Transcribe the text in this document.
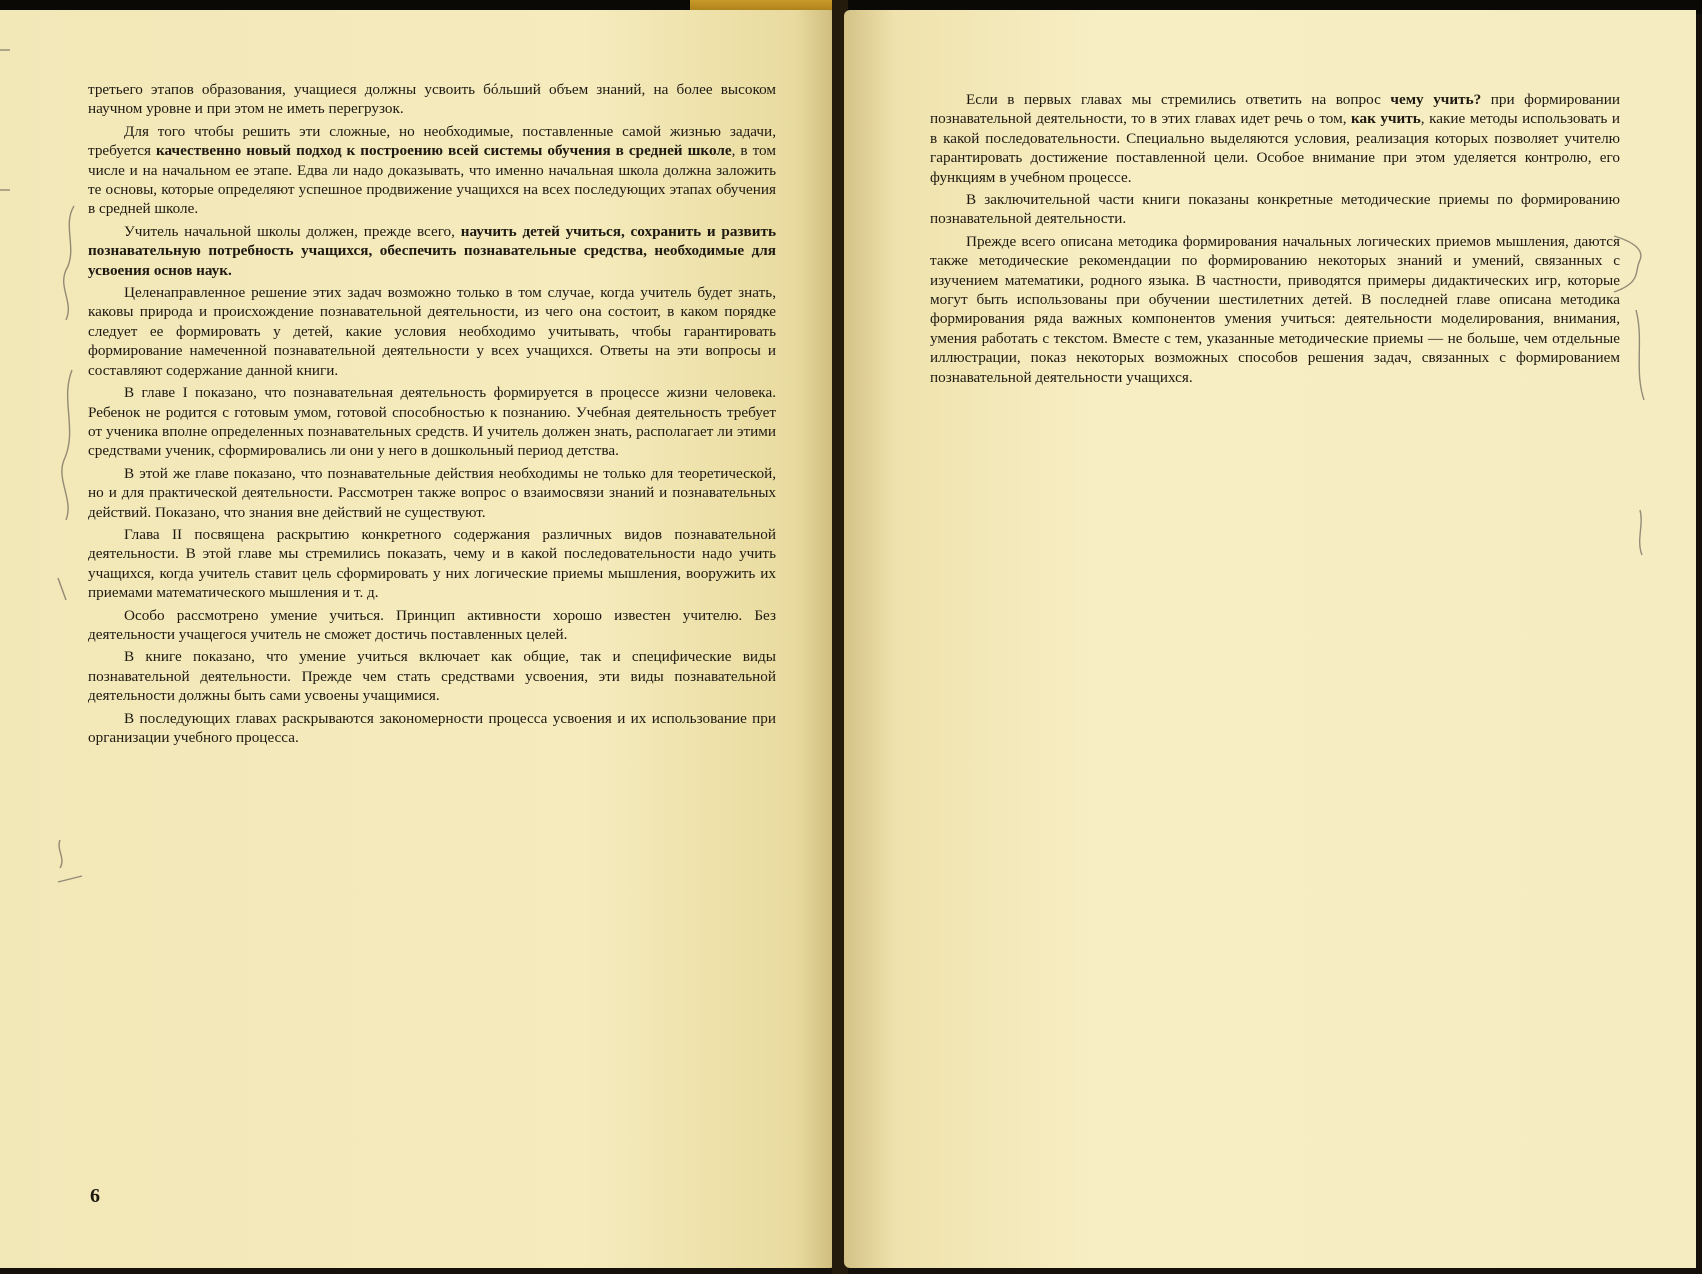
третьего этапов образования, учащиеся должны усвоить бóльший объем знаний, на более высоком научном уровне и при этом не иметь перегрузок.

Для того чтобы решить эти сложные, но необходимые, поставленные самой жизнью задачи, требуется качественно новый подход к построению всей системы обучения в средней школе, в том числе и на начальном ее этапе. Едва ли надо доказывать, что именно начальная школа должна заложить те основы, которые определяют успешное продвижение учащихся на всех последующих этапах обучения в средней школе.

Учитель начальной школы должен, прежде всего, научить детей учиться, сохранить и развить познавательную потребность учащихся, обеспечить познавательные средства, необходимые для усвоения основ наук.

Целенаправленное решение этих задач возможно только в том случае, когда учитель будет знать, каковы природа и происхождение познавательной деятельности, из чего она состоит, в каком порядке следует ее формировать у детей, какие условия необходимо учитывать, чтобы гарантировать формирование намеченной познавательной деятельности у всех учащихся. Ответы на эти вопросы и составляют содержание данной книги.

В главе I показано, что познавательная деятельность формируется в процессе жизни человека. Ребенок не родится с готовым умом, готовой способностью к познанию. Учебная деятельность требует от ученика вполне определенных познавательных средств. И учитель должен знать, располагает ли этими средствами ученик, сформировались ли они у него в дошкольный период детства.

В этой же главе показано, что познавательные действия необходимы не только для теоретической, но и для практической деятельности. Рассмотрен также вопрос о взаимосвязи знаний и познавательных действий. Показано, что знания вне действий не существуют.

Глава II посвящена раскрытию конкретного содержания различных видов познавательной деятельности. В этой главе мы стремились показать, чему и в какой последовательности надо учить учащихся, когда учитель ставит цель сформировать у них логические приемы мышления, вооружить их приемами математического мышления и т. д.

Особо рассмотрено умение учиться. Принцип активности хорошо известен учителю. Без деятельности учащегося учитель не сможет достичь поставленных целей.

В книге показано, что умение учиться включает как общие, так и специфические виды познавательной деятельности. Прежде чем стать средствами усвоения, эти виды познавательной деятельности должны быть сами усвоены учащимися.

В последующих главах раскрываются закономерности процесса усвоения и их использование при организации учебного процесса.

6

Если в первых главах мы стремились ответить на вопрос чему учить? при формировании познавательной деятельности, то в этих главах идет речь о том, как учить, какие методы использовать и в какой последовательности. Специально выделяются условия, реализация которых позволяет учителю гарантировать достижение поставленной цели. Особое внимание при этом уделяется контролю, его функциям в учебном процессе.

В заключительной части книги показаны конкретные методические приемы по формированию познавательной деятельности.

Прежде всего описана методика формирования начальных логических приемов мышления, даются также методические рекомендации по формированию некоторых знаний и умений, связанных с изучением математики, родного языка. В частности, приводятся примеры дидактических игр, которые могут быть использованы при обучении шестилетних детей. В последней главе описана методика формирования ряда важных компонентов умения учиться: деятельности моделирования, внимания, умения работать с текстом. Вместе с тем, указанные методические приемы — не больше, чем отдельные иллюстрации, показ некоторых возможных способов решения задач, связанных с формированием познавательной деятельности учащихся.
